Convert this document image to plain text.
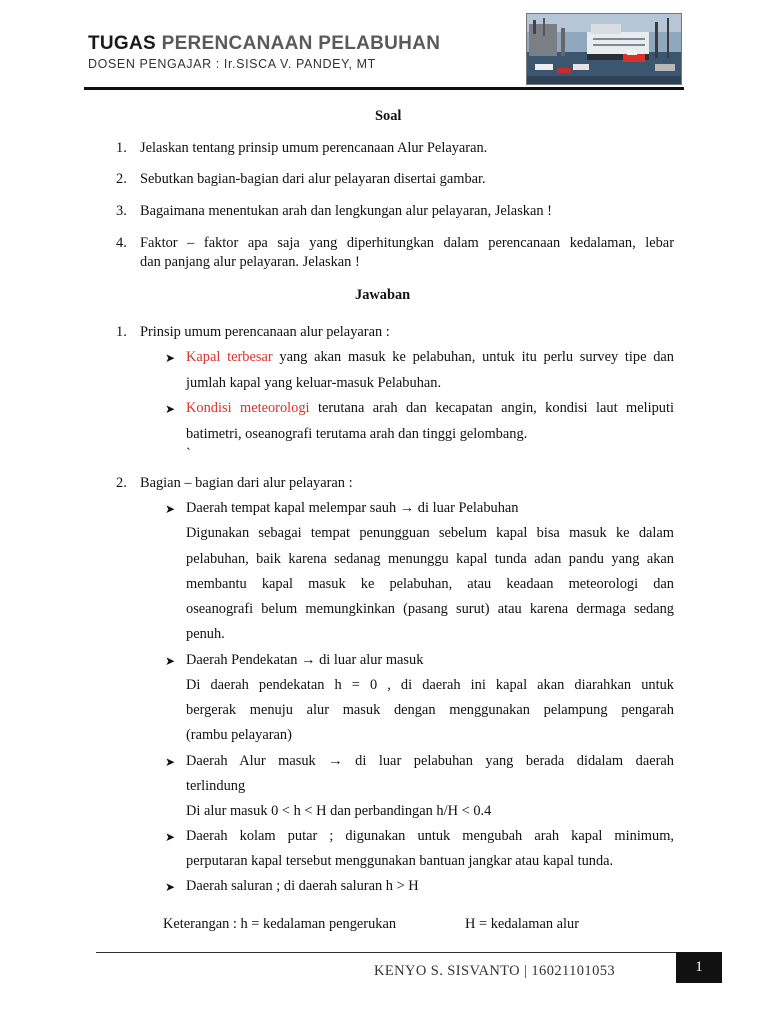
TUGAS PERENCANAAN PELABUHAN
DOSEN PENGAJAR : Ir.SISCA V. PANDEY, MT
Soal
1. Jelaskan tentang prinsip umum perencanaan Alur Pelayaran.
2. Sebutkan bagian-bagian dari alur pelayaran disertai gambar.
3. Bagaimana menentukan arah dan lengkungan alur pelayaran, Jelaskan !
4. Faktor – faktor apa saja yang diperhitungkan dalam perencanaan kedalaman, lebar
dan panjang alur pelayaran. Jelaskan !
Jawaban
1. Prinsip umum perencanaan alur pelayaran :
➤ Kapal terbesar yang akan masuk ke pelabuhan, untuk itu perlu survey tipe dan
jumlah kapal yang keluar-masuk Pelabuhan.
➤ Kondisi meteorologi terutana arah dan kecapatan angin, kondisi laut meliputi
batimetri, oseanografi terutama arah dan tinggi gelombang.
`
2. Bagian – bagian dari alur pelayaran :
➤ Daerah tempat kapal melempar sauh → di luar Pelabuhan
Digunakan sebagai tempat penungguan sebelum kapal bisa masuk ke dalam
pelabuhan, baik karena sedanag menunggu kapal tunda adan pandu yang akan
membantu kapal masuk ke pelabuhan, atau keadaan meteorologi dan
oseanografi belum memungkinkan (pasang surut) atau karena dermaga sedang
penuh.
➤ Daerah Pendekatan → di luar alur masuk
Di daerah pendekatan h = 0 , di daerah ini kapal akan diarahkan untuk
bergerak menuju alur masuk dengan menggunakan pelampung pengarah
(rambu pelayaran)
➤ Daerah Alur masuk → di luar pelabuhan yang berada didalam daerah
terlindung
Di alur masuk 0 < h < H dan perbandingan h/H < 0.4
➤ Daerah kolam putar ; digunakan untuk mengubah arah kapal minimum,
perputaran kapal tersebut menggunakan bantuan jangkar atau kapal tunda.
➤ Daerah saluran ; di daerah saluran h > H
Keterangan : h = kedalaman pengerukan	H = kedalaman alur
KENYO S. SISVANTO | 16021101053	1
